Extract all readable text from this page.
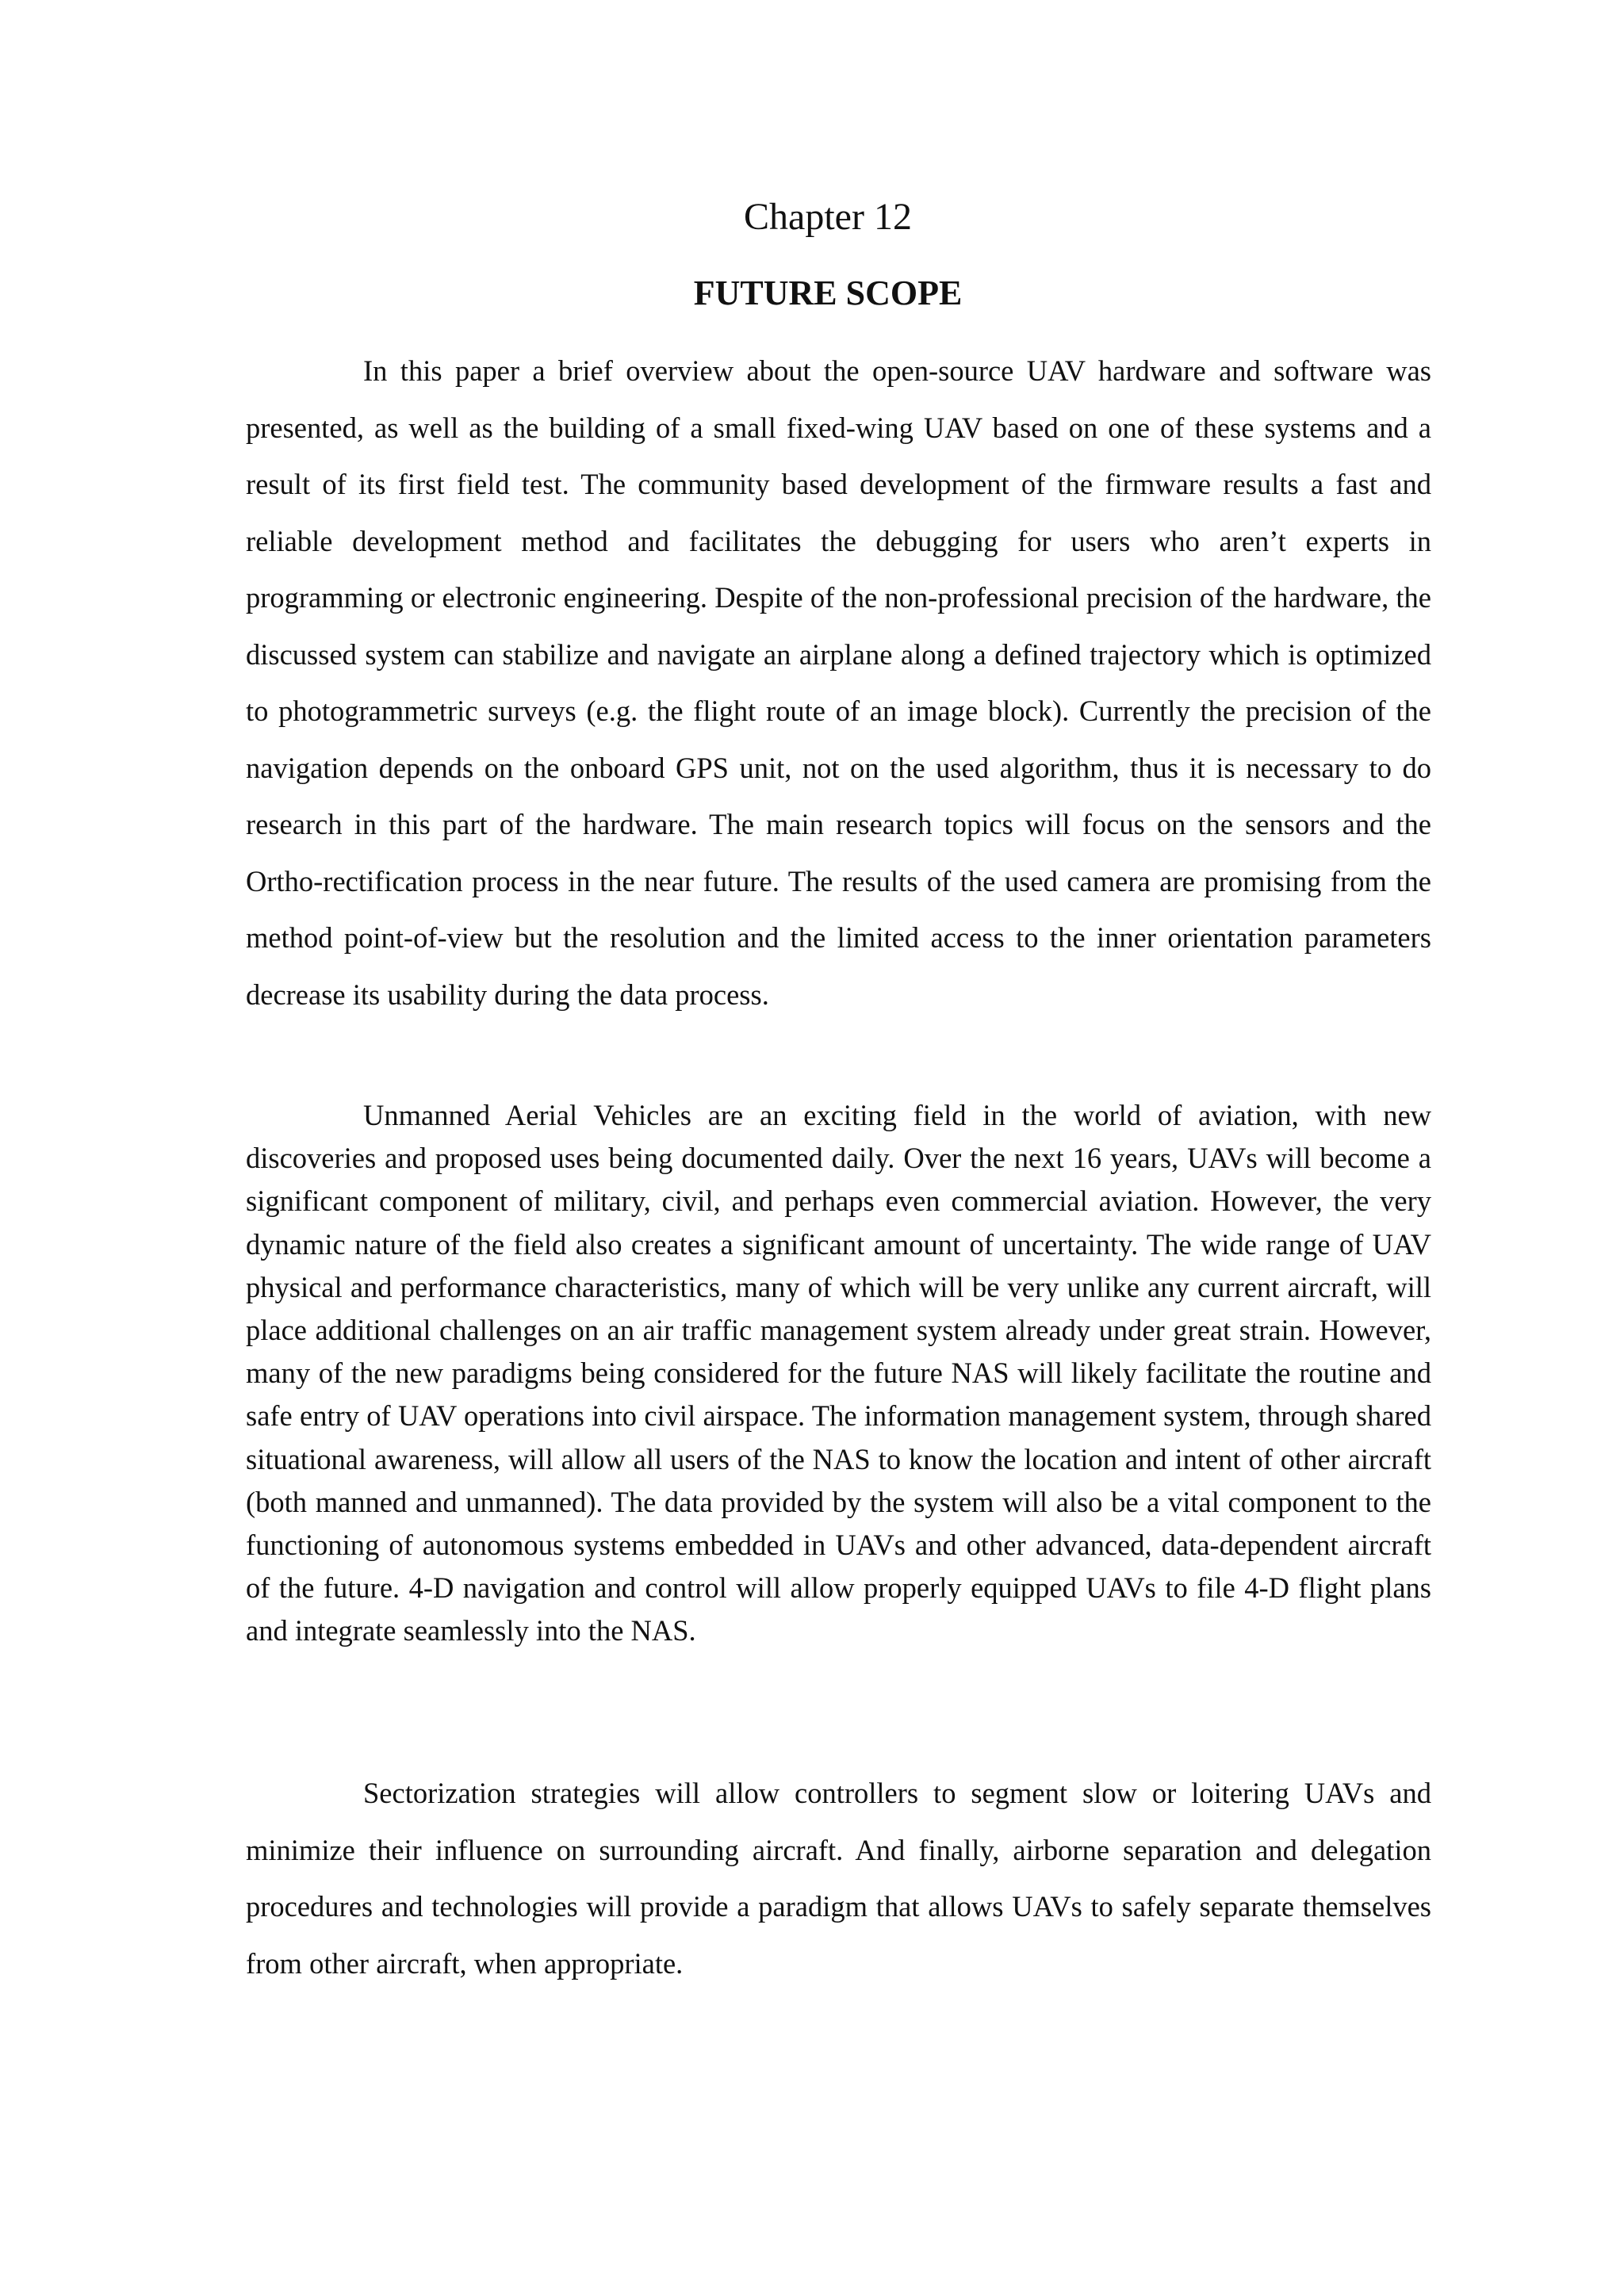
Chapter 12
FUTURE SCOPE

In this paper a brief overview about the open-source UAV hardware and software was presented, as well as the building of a small fixed-wing UAV based on one of these systems and a result of its first field test. The community based development of the firmware results a fast and reliable development method and facilitates the debugging for users who aren’t experts in programming or electronic engineering. Despite of the non-professional precision of the hardware, the discussed system can stabilize and navigate an airplane along a defined trajectory which is optimized to photogrammetric surveys (e.g. the flight route of an image block). Currently the precision of the navigation depends on the onboard GPS unit, not on the used algorithm, thus it is necessary to do research in this part of the hardware. The main research topics will focus on the sensors and the Ortho-rectification process in the near future. The results of the used camera are promising from the method point-of-view but the resolution and the limited access to the inner orientation parameters decrease its usability during the data process.

Unmanned Aerial Vehicles are an exciting field in the world of aviation, with new discoveries and proposed uses being documented daily. Over the next 16 years, UAVs will become a significant component of military, civil, and perhaps even commercial aviation. However, the very dynamic nature of the field also creates a significant amount of uncertainty. The wide range of UAV physical and performance characteristics, many of which will be very unlike any current aircraft, will place additional challenges on an air traffic management system already under great strain. However, many of the new paradigms being considered for the future NAS will likely facilitate the routine and safe entry of UAV operations into civil airspace. The information management system, through shared situational awareness, will allow all users of the NAS to know the location and intent of other aircraft (both manned and unmanned). The data provided by the system will also be a vital component to the functioning of autonomous systems embedded in UAVs and other advanced, data-dependent aircraft of the future. 4-D navigation and control will allow properly equipped UAVs to file 4-D flight plans and integrate seamlessly into the NAS.

Sectorization strategies will allow controllers to segment slow or loitering UAVs and minimize their influence on surrounding aircraft. And finally, airborne separation and delegation procedures and technologies will provide a paradigm that allows UAVs to safely separate themselves from other aircraft, when appropriate.
